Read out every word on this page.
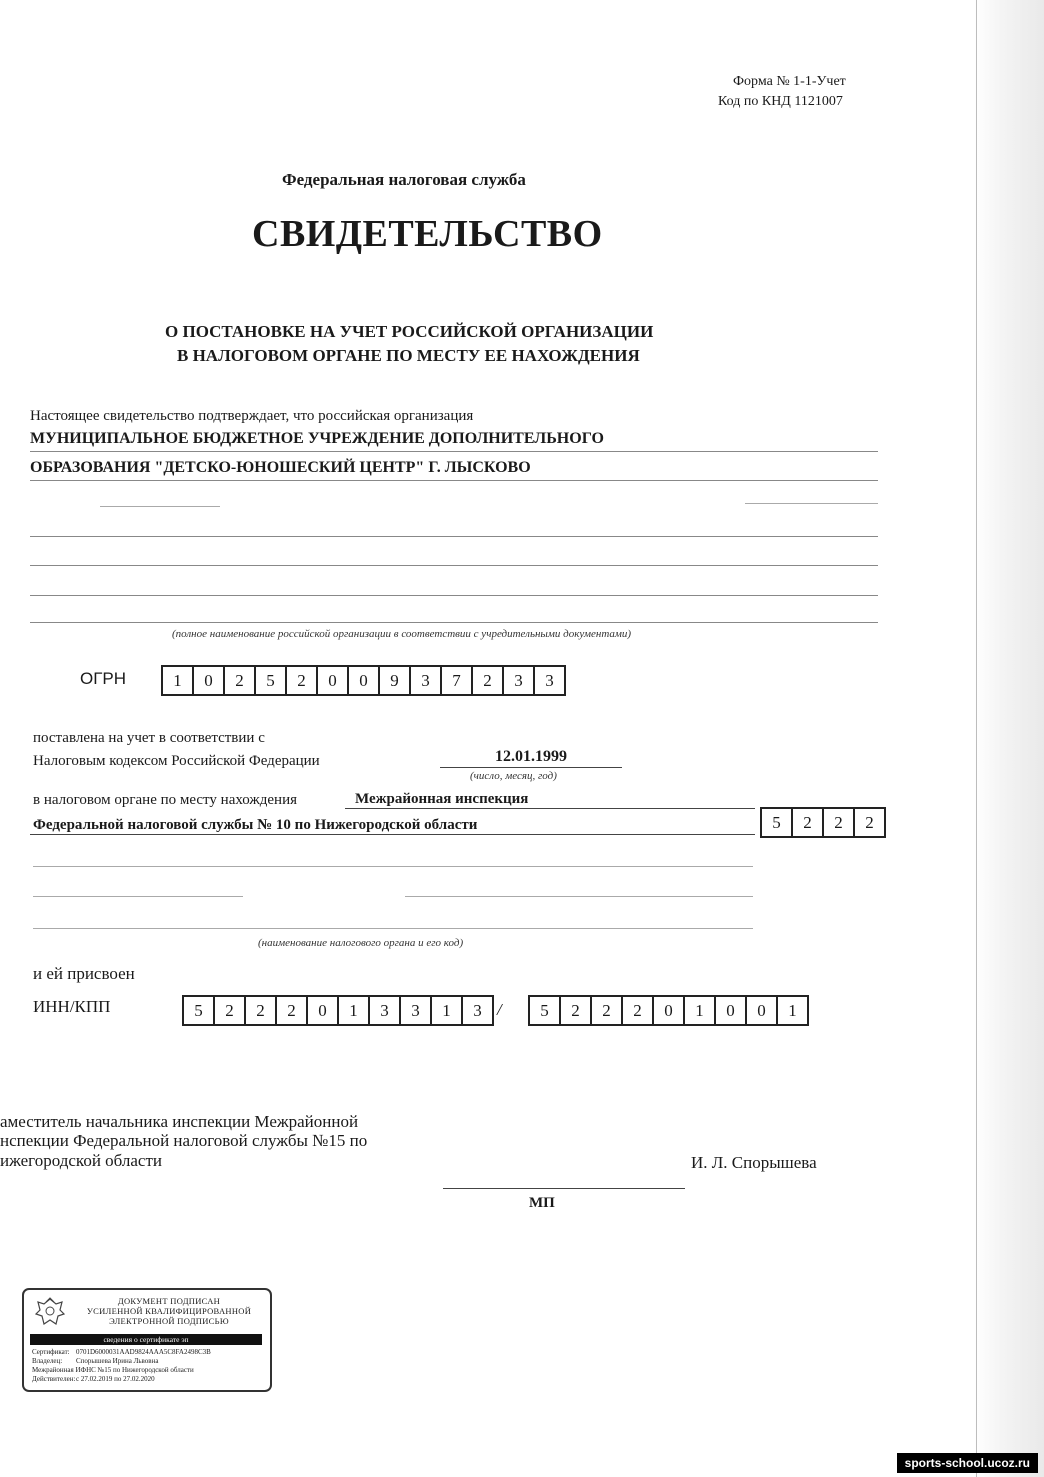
Форма № 1-1-Учет
Код по КНД 1121007
Федеральная налоговая служба
СВИДЕТЕЛЬСТВО
О ПОСТАНОВКЕ НА УЧЕТ РОССИЙСКОЙ ОРГАНИЗАЦИИ
В НАЛОГОВОМ ОРГАНЕ ПО МЕСТУ ЕЕ НАХОЖДЕНИЯ
Настоящее свидетельство подтверждает, что российская организация
МУНИЦИПАЛЬНОЕ БЮДЖЕТНОЕ УЧРЕЖДЕНИЕ ДОПОЛНИТЕЛЬНОГО
ОБРАЗОВАНИЯ "ДЕТСКО-ЮНОШЕСКИЙ ЦЕНТР" Г. ЛЫСКОВО
(полное наименование российской организации в соответствии с учредительными документами)
ОГРН	1	0	2	5	2	0	0	9	3	7	2	3	3
поставлена на учет в соответствии с
Налоговым кодексом Российской Федерации	12.01.1999
(число, месяц, год)
в налоговом органе по месту нахождения	Межрайонная инспекция
Федеральной налоговой службы № 10 по Нижегородской области	5	2	2	2
(наименование налогового органа и его код)
и ей присвоен
ИНН/КПП	5	2	2	2	0	1	3	3	1	3 /	5	2	2	2	0	1	0	0	1
аместитель начальника инспекции Межрайонной
нспекции Федеральной налоговой службы №15 по
ижегородской области	И. Л. Спорышева
МП
ДОКУМЕНТ ПОДПИСАН
УСИЛЕННОЙ КВАЛИФИЦИРОВАННОЙ
ЭЛЕКТРОННОЙ ПОДПИСЬЮ
сведения о сертификате эп
Сертификат: 0701D6000031AAD9824AAA5C8FA2498C3B
Владелец: Спорышева Ирина Львовна
Межрайонная ИФНС №15 по Нижегородской области
Действителен:с 27.02.2019 по 27.02.2020
sports-school.ucoz.ru
